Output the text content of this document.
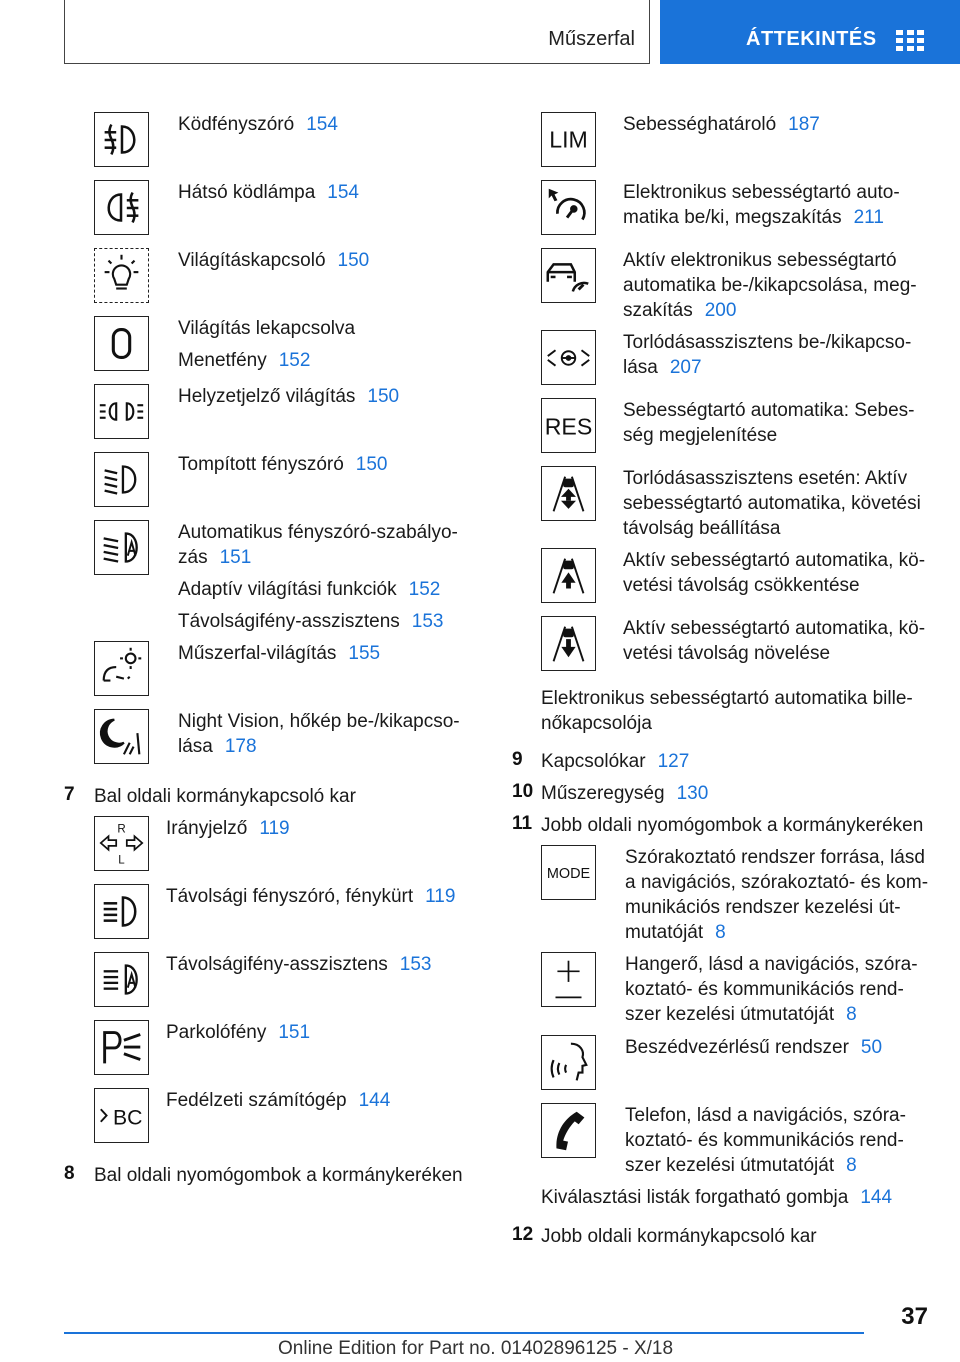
Műszerfal	ÁTTEKINTÉS
Ködfényszóró 154
Hátsó ködlámpa 154
Világításkapcsoló 150
Világítás lekapcsolva
Menetfény 152
Helyzetjelző világítás 150
Tompított fényszóró 150
Automatikus fényszóró-szabályo-
zás 151
Adaptív világítási funkciók 152
Távolságifény-asszisztens 153
Műszerfal-világítás 155
Night Vision, hőkép be-/kikapcso-
lása 178
7 Bal oldali kormánykapcsoló kar
R
L
Irányjelző 119
Távolsági fényszóró, fénykürt 119
Távolságifény-asszisztens 153
Parkolófény 151
BC
Fedélzeti számítógép 144
8 Bal oldali nyomógombok a kormánykeréken
LIM
Sebességhatároló 187
Elektronikus sebességtartó auto-
matika be/ki, megszakítás 211
Aktív elektronikus sebességtartó
automatika be-/kikapcsolása, meg-
szakítás 200
Torlódásasszisztens be-/kikapcso-
lása 207
RES
Sebességtartó automatika: Sebes-
ség megjelenítése
Torlódásasszisztens esetén: Aktív
sebességtartó automatika, követési
távolság beállítása
Aktív sebességtartó automatika, kö-
vetési távolság csökkentése
Aktív sebességtartó automatika, kö-
vetési távolság növelése
Elektronikus sebességtartó automatika bille-
nőkapcsolója
9 Kapcsolókar 127
10 Műszeregység 130
11 Jobb oldali nyomógombok a kormánykeréken
MODE
Szórakoztató rendszer forrása, lásd
a navigációs, szórakoztató- és kom-
munikációs rendszer kezelési út-
mutatóját 8
Hangerő, lásd a navigációs, szóra-
koztató- és kommunikációs rend-
szer kezelési útmutatóját 8
Beszédvezérlésű rendszer 50
Telefon, lásd a navigációs, szóra-
koztató- és kommunikációs rend-
szer kezelési útmutatóját 8
Kiválasztási listák forgatható gombja 144
12 Jobb oldali kormánykapcsoló kar
37
Online Edition for Part no. 01402896125 - X/18
